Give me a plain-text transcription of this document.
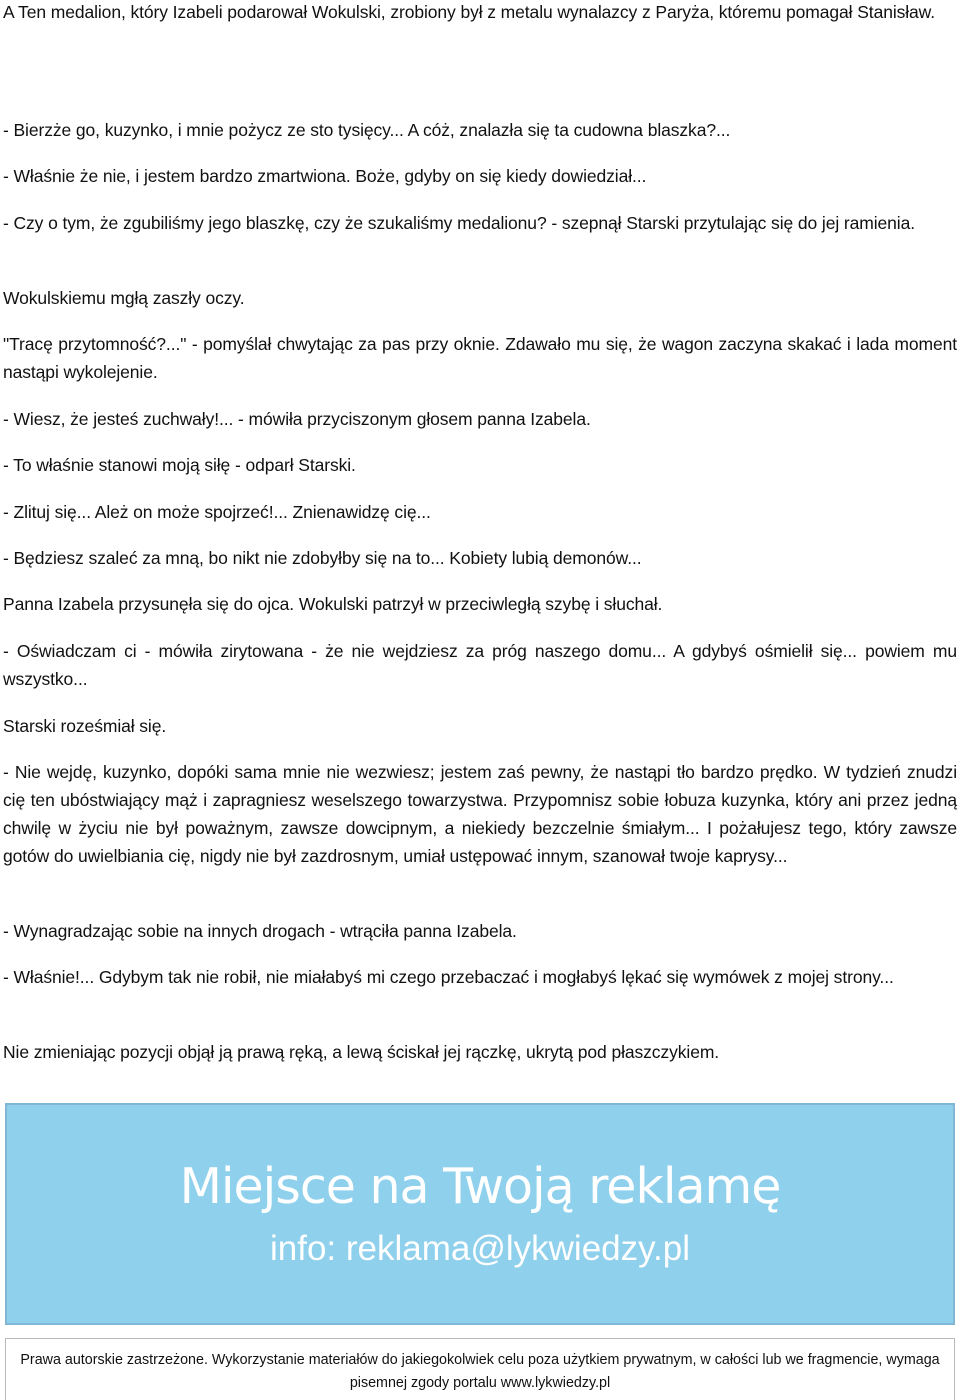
A Ten medalion, który Izabeli podarował Wokulski, zrobiony był z metalu wynalazcy z Paryża, któremu pomagał Stanisław.

- Bierzże go, kuzynko, i mnie pożycz ze sto tysięcy... A cóż, znalazła się ta cudowna blaszka?...

- Właśnie że nie, i jestem bardzo zmartwiona. Boże, gdyby on się kiedy dowiedział...

- Czy o tym, że zgubiliśmy jego blaszkę, czy że szukaliśmy medalionu? - szepnął Starski przytulając się do jej ramienia.

Wokulskiemu mgłą zaszły oczy.

"Tracę przytomność?..." - pomyślał chwytając za pas przy oknie. Zdawało mu się, że wagon zaczyna skakać i lada moment nastąpi wykolejenie.

- Wiesz, że jesteś zuchwały!... - mówiła przyciszonym głosem panna Izabela.

- To właśnie stanowi moją siłę - odparł Starski.

- Zlituj się... Ależ on może spojrzeć!... Znienawidzę cię...

- Będziesz szaleć za mną, bo nikt nie zdobyłby się na to... Kobiety lubią demonów...

Panna Izabela przysunęła się do ojca. Wokulski patrzył w przeciwległą szybę i słuchał.

- Oświadczam ci - mówiła zirytowana - że nie wejdziesz za próg naszego domu... A gdybyś ośmielił się... powiem mu wszystko...

Starski roześmiał się.

- Nie wejdę, kuzynko, dopóki sama mnie nie wezwiesz; jestem zaś pewny, że nastąpi tło bardzo prędko. W tydzień znudzi cię ten ubóstwiający mąż i zapragniesz weselszego towarzystwa. Przypomnisz sobie łobuza kuzynka, który ani przez jedną chwilę w życiu nie był poważnym, zawsze dowcipnym, a niekiedy bezczelnie śmiałym... I pożałujesz tego, który zawsze gotów do uwielbiania cię, nigdy nie był zazdrosnym, umiał ustępować innym, szanował twoje kaprysy...

- Wynagradzając sobie na innych drogach - wtrąciła panna Izabela.

- Właśnie!... Gdybym tak nie robił, nie miałabyś mi czego przebaczać i mogłabyś lękać się wymówek z mojej strony...

Nie zmieniając pozycji objął ją prawą ręką, a lewą ściskał jej rączkę, ukrytą pod płaszczykiem.

Miejsce na Twoją reklamę
info: reklama@lykwiedzy.pl
Prawa autorskie zastrzeżone. Wykorzystanie materiałów do jakiegokolwiek celu poza użytkiem prywatnym, w całości lub we fragmencie, wymaga pisemnej zgody portalu www.lykwiedzy.pl
